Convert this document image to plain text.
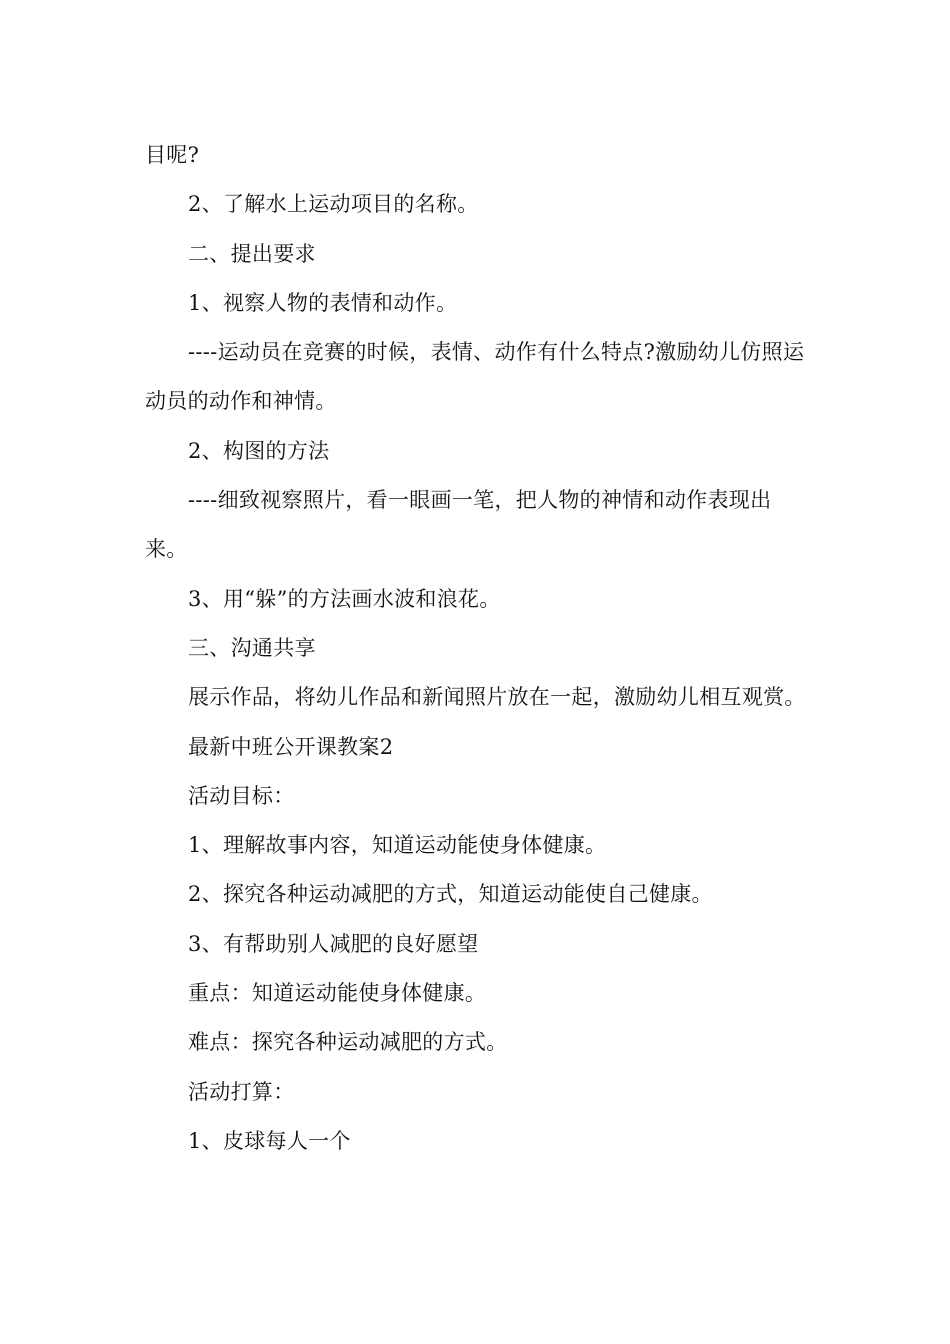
目呢?

2、了解水上运动项目的名称。

二、提出要求

1、视察人物的表情和动作。

----运动员在竞赛的时候，表情、动作有什么特点?激励幼儿仿照运动员的动作和神情。

2、构图的方法

----细致视察照片，看一眼画一笔，把人物的神情和动作表现出来。

3、用“躲”的方法画水波和浪花。

三、沟通共享

展示作品，将幼儿作品和新闻照片放在一起，激励幼儿相互观赏。

最新中班公开课教案2

活动目标：

1、理解故事内容，知道运动能使身体健康。

2、探究各种运动减肥的方式，知道运动能使自己健康。

3、有帮助别人减肥的良好愿望

重点：知道运动能使身体健康。

难点：探究各种运动减肥的方式。

活动打算：

1、皮球每人一个
